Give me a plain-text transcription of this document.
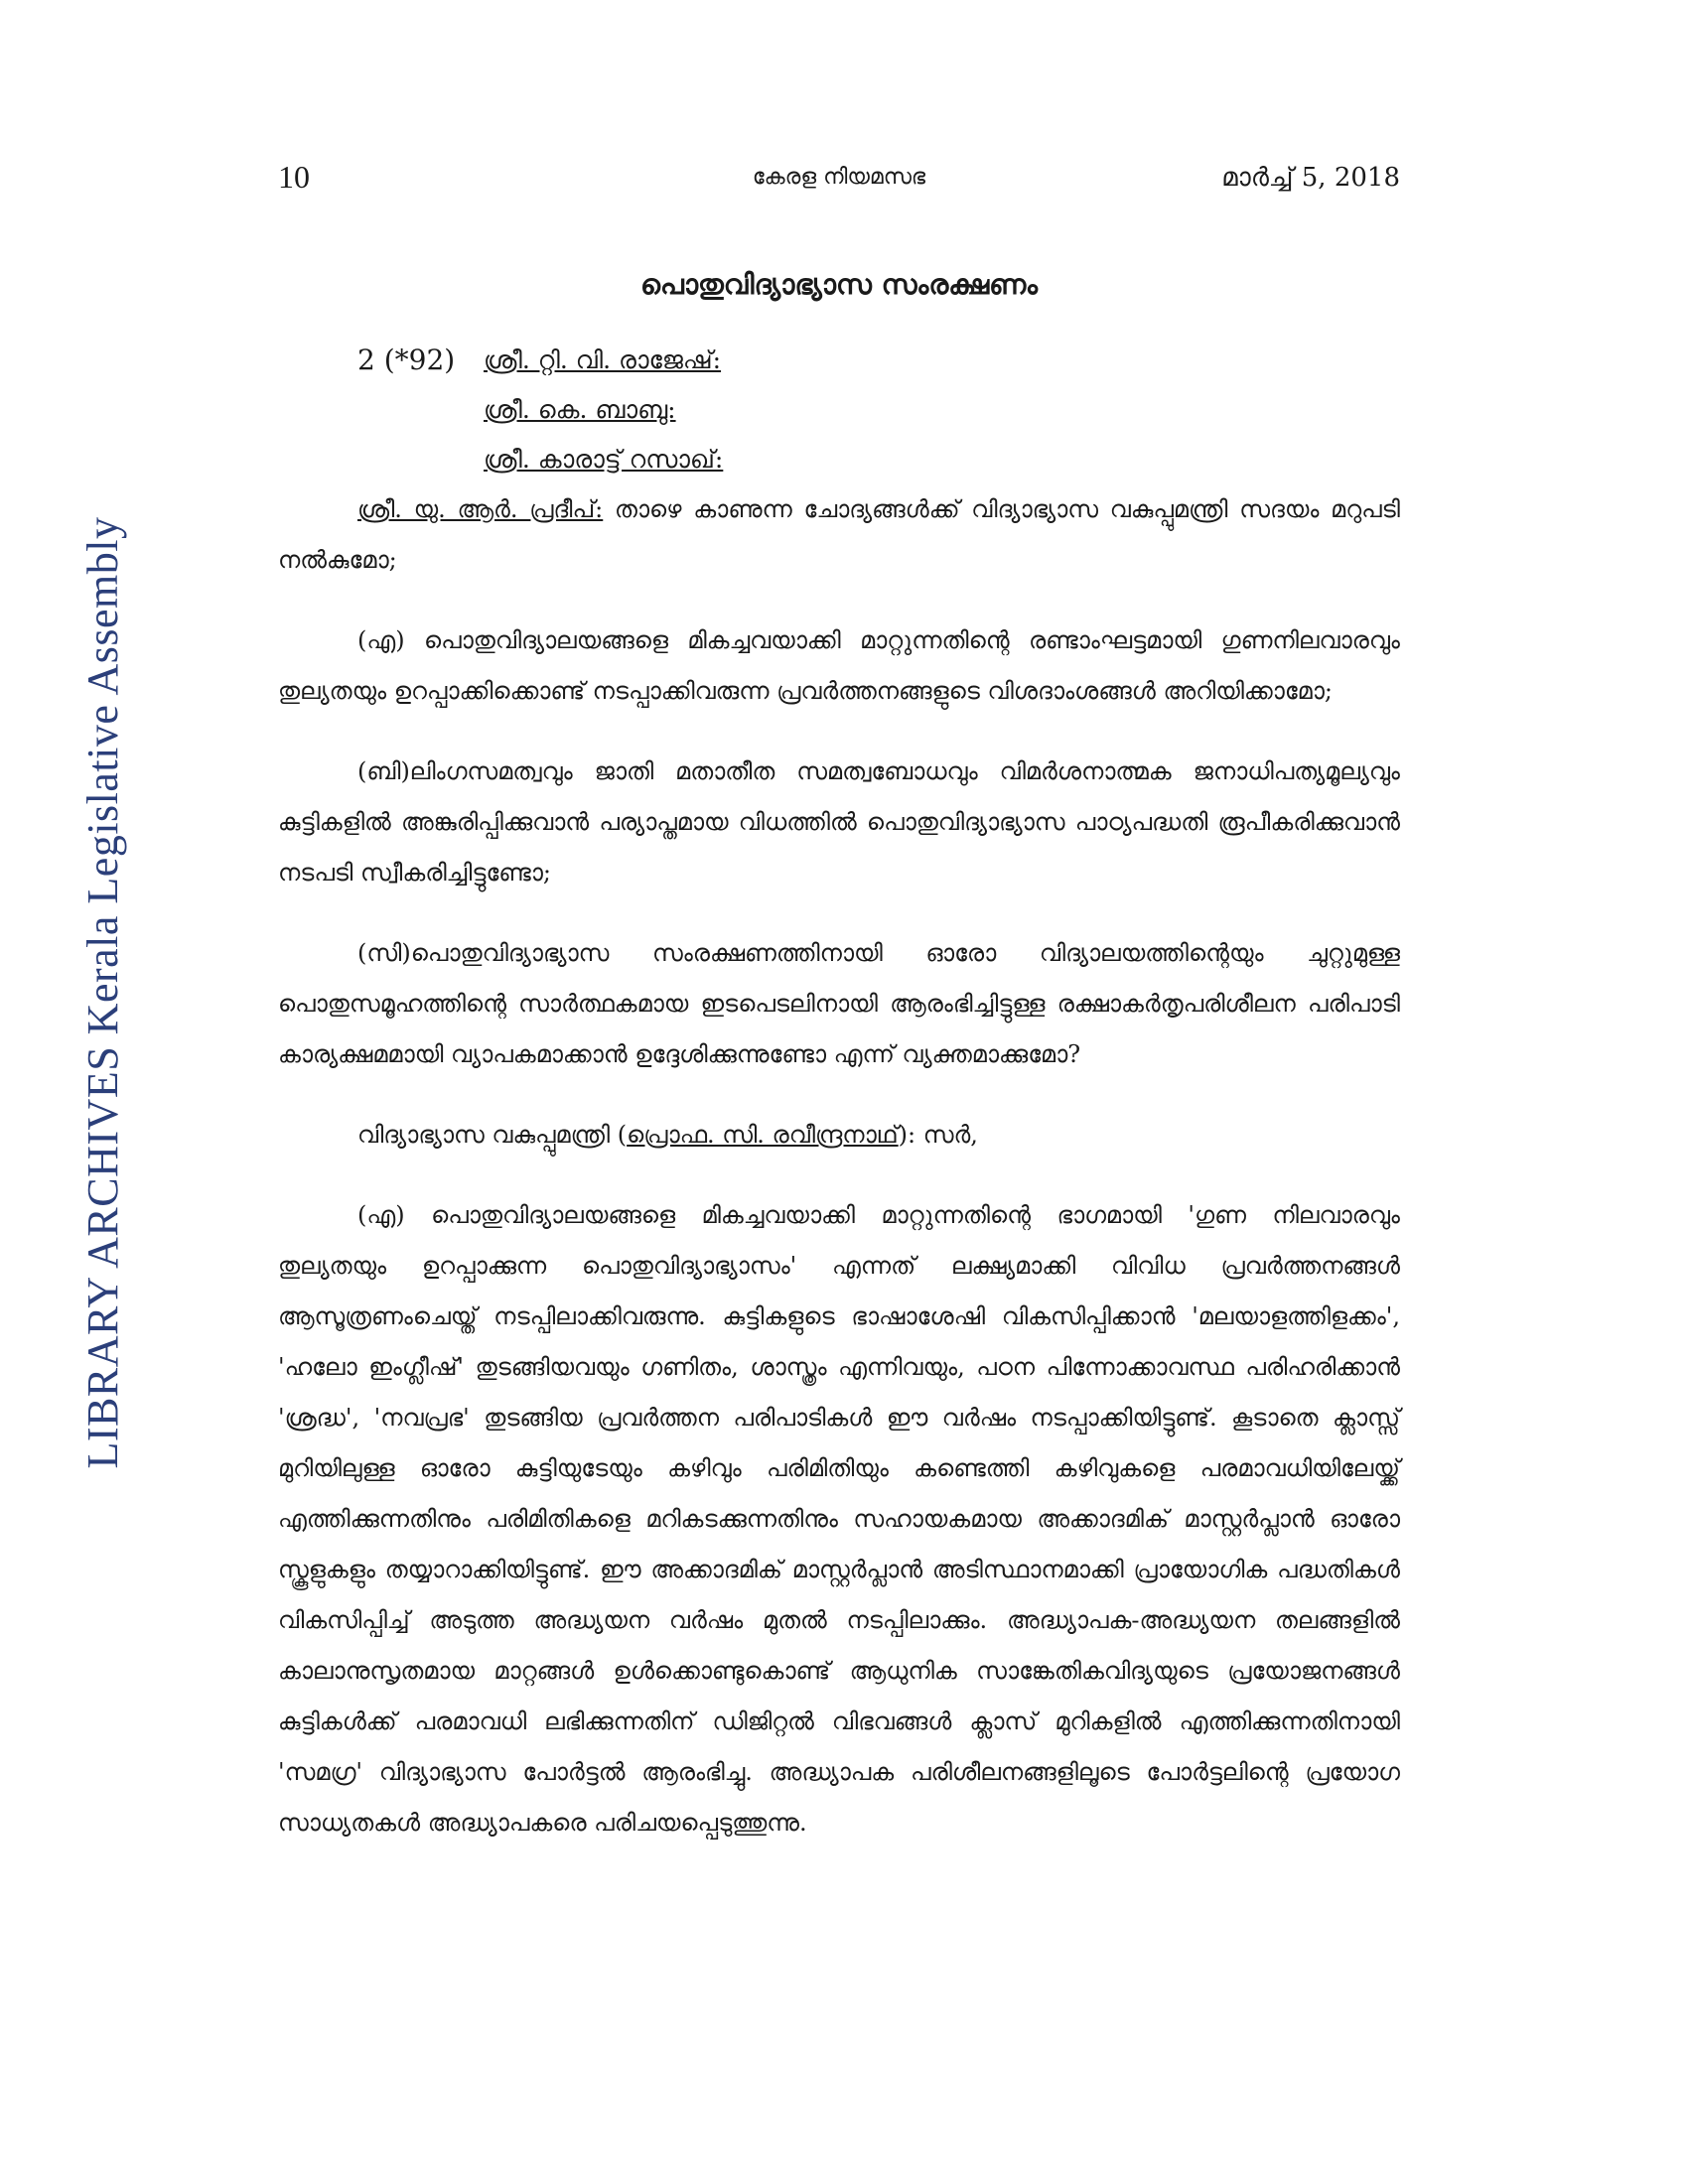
LIBRARY ARCHIVES Kerala Legislative Assembly
10	കേരള നിയമസഭ	മാർച്ച് 5, 2018
പൊതുവിദ്യാഭ്യാസ സംരക്ഷണം
2 (*92) ശ്രീ. റ്റി. വി. രാജേഷ്:
ശ്രീ. കെ. ബാബു:
ശ്രീ. കാരാട്ട് റസാഖ്:

ശ്രീ. യു. ആർ. പ്രദീപ്: താഴെ കാണുന്ന ചോദ്യങ്ങൾക്ക് വിദ്യാഭ്യാസ വകുപ്പുമന്ത്രി സദയം മറുപടി നൽകുമോ;

(എ) പൊതുവിദ്യാലയങ്ങളെ മികച്ചവയാക്കി മാറ്റുന്നതിന്റെ രണ്ടാംഘട്ടമായി ഗുണനിലവാരവും തുല്യതയും ഉറപ്പാക്കിക്കൊണ്ട് നടപ്പാക്കിവരുന്ന പ്രവർത്തനങ്ങളുടെ വിശദാംശങ്ങൾ അറിയിക്കാമോ;

(ബി)ലിംഗസമത്വവും ജാതി മതാതീത സമത്വബോധവും വിമർശനാത്മക ജനാധിപത്യമൂല്യവും കുട്ടികളിൽ അങ്കുരിപ്പിക്കുവാൻ പര്യാപ്തമായ വിധത്തിൽ പൊതുവിദ്യാഭ്യാസ പാഠ്യപദ്ധതി രൂപീകരിക്കുവാൻ നടപടി സ്വീകരിച്ചിട്ടുണ്ടോ;

(സി)പൊതുവിദ്യാഭ്യാസ സംരക്ഷണത്തിനായി ഓരോ വിദ്യാലയത്തിന്റെയും ചുറ്റുമുള്ള പൊതുസമൂഹത്തിന്റെ സാർത്ഥകമായ ഇടപെടലിനായി ആരംഭിച്ചിട്ടുള്ള രക്ഷാകർതൃപരിശീലന പരിപാടി കാര്യക്ഷമമായി വ്യാപകമാക്കാൻ ഉദ്ദേശിക്കുന്നുണ്ടോ എന്ന് വ്യക്തമാക്കുമോ?

വിദ്യാഭ്യാസ വകുപ്പുമന്ത്രി (പ്രൊഫ. സി. രവീന്ദ്രനാഥ്): സർ,

(എ) പൊതുവിദ്യാലയങ്ങളെ മികച്ചവയാക്കി മാറ്റുന്നതിന്റെ ഭാഗമായി 'ഗുണ നിലവാരവും തുല്യതയും ഉറപ്പാക്കുന്ന പൊതുവിദ്യാഭ്യാസം' എന്നത് ലക്ഷ്യമാക്കി വിവിധ പ്രവർത്തനങ്ങൾ ആസൂത്രണംചെയ്ത് നടപ്പിലാക്കിവരുന്നു. കുട്ടികളുടെ ഭാഷാശേഷി വികസിപ്പിക്കാൻ 'മലയാളത്തിളക്കം', 'ഹലോ ഇംഗ്ലീഷ്' തുടങ്ങിയവയും ഗണിതം, ശാസ്ത്രം എന്നിവയും, പഠന പിന്നോക്കാവസ്ഥ പരിഹരിക്കാൻ 'ശ്രദ്ധ', 'നവപ്രഭ' തുടങ്ങിയ പ്രവർത്തന പരിപാടികൾ ഈ വർഷം നടപ്പാക്കിയിട്ടുണ്ട്. കൂടാതെ ക്ലാസ്സ് മുറിയിലുള്ള ഓരോ കുട്ടിയുടേയും കഴിവും പരിമിതിയും കണ്ടെത്തി കഴിവുകളെ പരമാവധിയിലേയ്ക്ക് എത്തിക്കുന്നതിനും പരിമിതികളെ മറികടക്കുന്നതിനും സഹായകമായ അക്കാദമിക് മാസ്റ്റർപ്ലാൻ ഓരോ സ്കൂളുകളും തയ്യാറാക്കിയിട്ടുണ്ട്. ഈ അക്കാദമിക് മാസ്റ്റർപ്ലാൻ അടിസ്ഥാനമാക്കി പ്രായോഗിക പദ്ധതികൾ വികസിപ്പിച്ച് അടുത്ത അദ്ധ്യയന വർഷം മുതൽ നടപ്പിലാക്കും. അദ്ധ്യാപക-അദ്ധ്യയന തലങ്ങളിൽ കാലാനുസൃതമായ മാറ്റങ്ങൾ ഉൾക്കൊണ്ടുകൊണ്ട് ആധുനിക സാങ്കേതികവിദ്യയുടെ പ്രയോജനങ്ങൾ കുട്ടികൾക്ക് പരമാവധി ലഭിക്കുന്നതിന് ഡിജിറ്റൽ വിഭവങ്ങൾ ക്ലാസ് മുറികളിൽ എത്തിക്കുന്നതിനായി 'സമഗ്ര' വിദ്യാഭ്യാസ പോർട്ടൽ ആരംഭിച്ചു. അദ്ധ്യാപക പരിശീലനങ്ങളിലൂടെ പോർട്ടലിന്റെ പ്രയോഗ സാധ്യതകൾ അദ്ധ്യാപകരെ പരിചയപ്പെടുത്തുന്നു.
